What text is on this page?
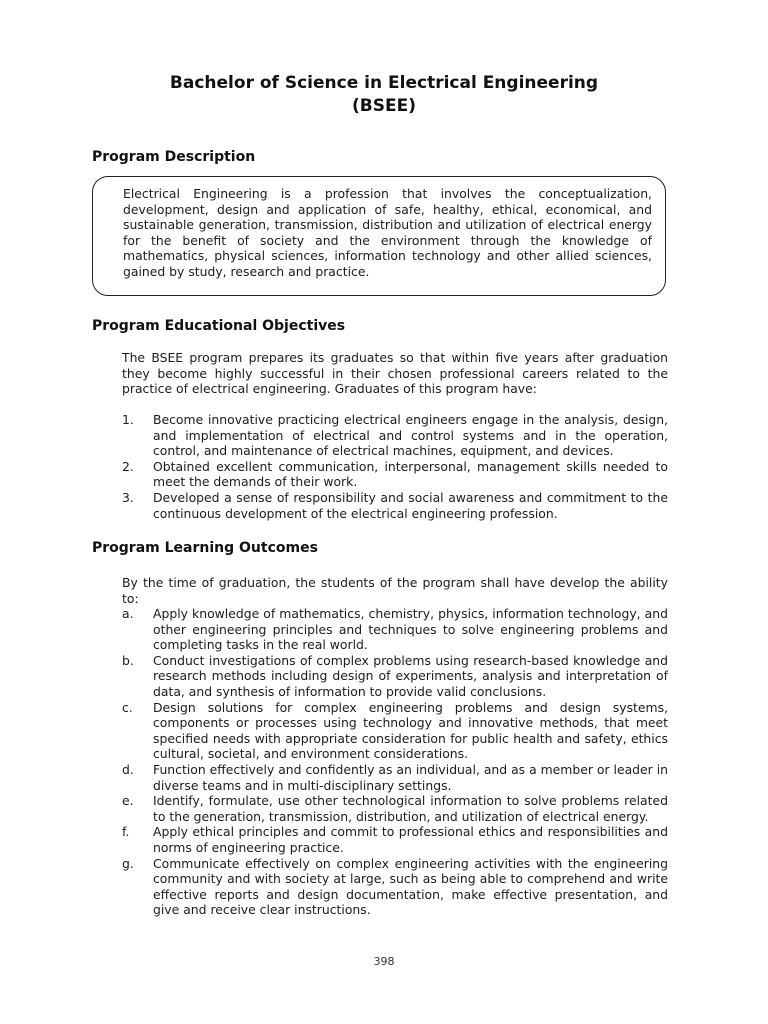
Bachelor of Science in Electrical Engineering
(BSEE)
Program Description

Electrical Engineering is a profession that involves the conceptualization, development, design and application of safe, healthy, ethical, economical, and sustainable generation, transmission, distribution and utilization of electrical energy for the benefit of society and the environment through the knowledge of mathematics, physical sciences, information technology and other allied sciences, gained by study, research and practice.

Program Educational Objectives

The BSEE program prepares its graduates so that within five years after graduation they become highly successful in their chosen professional careers related to the practice of electrical engineering. Graduates of this program have:

1.	Become innovative practicing electrical engineers engage in the analysis, design, and implementation of electrical and control systems and in the operation, control, and maintenance of electrical machines, equipment, and devices.
2.	Obtained excellent communication, interpersonal, management skills needed to meet the demands of their work.
3.	Developed a sense of responsibility and social awareness and commitment to the continuous development of the electrical engineering profession.
Program Learning Outcomes

By the time of graduation, the students of the program shall have develop the ability to:

a.	Apply knowledge of mathematics, chemistry, physics, information technology, and other engineering principles and techniques to solve engineering problems and completing tasks in the real world.
b.	Conduct investigations of complex problems using research-based knowledge and research methods including design of experiments, analysis and interpretation of data, and synthesis of information to provide valid conclusions.
c.	Design solutions for complex engineering problems and design systems, components or processes using technology and innovative methods, that meet specified needs with appropriate consideration for public health and safety, ethics cultural, societal, and environment considerations.
d.	Function effectively and confidently as an individual, and as a member or leader in diverse teams and in multi-disciplinary settings.
e.	Identify, formulate, use other technological information to solve problems related to the generation, transmission, distribution, and utilization of electrical energy.
f.	Apply ethical principles and commit to professional ethics and responsibilities and norms of engineering practice.
g.	Communicate effectively on complex engineering activities with the engineering community and with society at large, such as being able to comprehend and write effective reports and design documentation, make effective presentation, and give and receive clear instructions.
398
